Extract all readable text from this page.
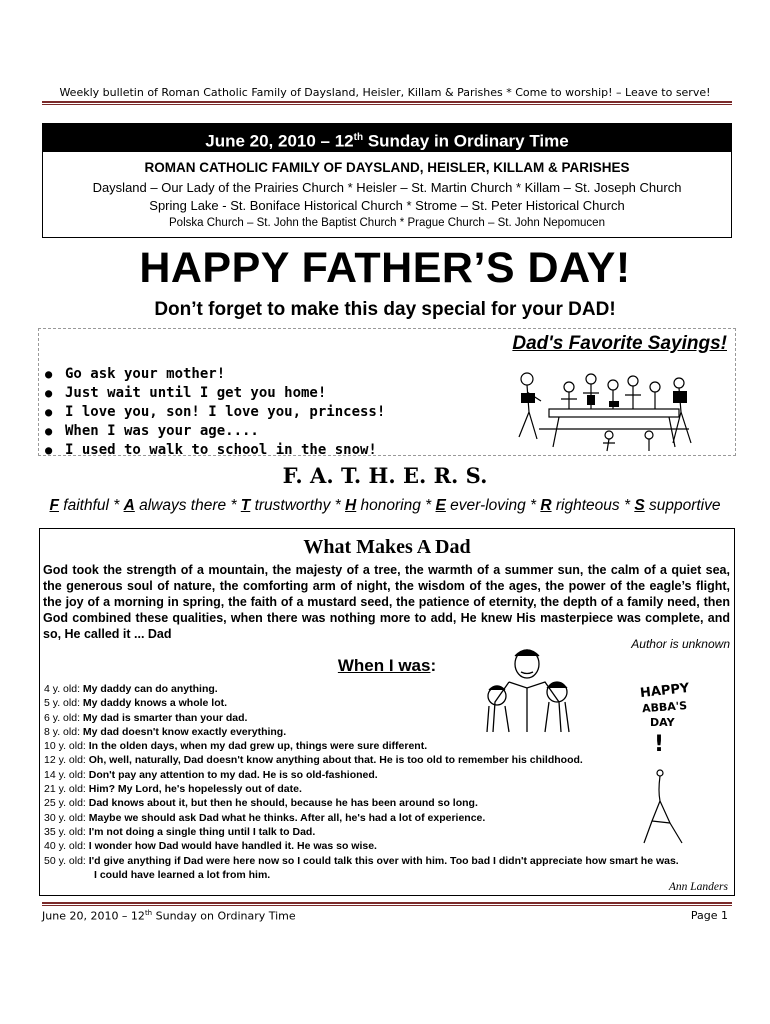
Weekly bulletin of Roman Catholic Family of Daysland, Heisler, Killam & Parishes * Come to worship! – Leave to serve!
June 20, 2010 – 12th Sunday in Ordinary Time
ROMAN CATHOLIC FAMILY OF DAYSLAND, HEISLER, KILLAM & PARISHES
Daysland – Our Lady of the Prairies Church * Heisler – St. Martin Church * Killam – St. Joseph Church
Spring Lake - St. Boniface Historical Church * Strome – St. Peter Historical Church
Polska Church – St. John the Baptist Church * Prague Church – St. John Nepomucen
HAPPY FATHER’S DAY!
Don’t forget to make this day special for your DAD!
Dad's Favorite Sayings!
● Go ask your mother!
● Just wait until I get you home!
● I love you, son! I love you, princess!
● When I was your age....
● I used to walk to school in the snow!
F. A. T. H. E. R. S.
F faithful * A always there * T trustworthy * H honoring * E ever-loving * R righteous * S supportive
What Makes A Dad
God took the strength of a mountain, the majesty of a tree, the warmth of a summer sun, the calm of a quiet sea, the generous soul of nature, the comforting arm of night, the wisdom of the ages, the power of the eagle’s flight, the joy of a morning in spring, the faith of a mustard seed, the patience of eternity, the depth of a family need, then God combined these qualities, when there was nothing more to add, He knew His masterpiece was complete, and so, He called it ... Dad
Author is unknown
When I was:
4 y. old: My daddy can do anything.
5 y. old: My daddy knows a whole lot.
6 y. old: My dad is smarter than your dad.
8 y. old: My dad doesn't know exactly everything.
10 y. old: In the olden days, when my dad grew up, things were sure different.
12 y. old: Oh, well, naturally, Dad doesn't know anything about that. He is too old to remember his childhood.
14 y. old: Don't pay any attention to my dad. He is so old-fashioned.
21 y. old: Him? My Lord, he's hopelessly out of date.
25 y. old: Dad knows about it, but then he should, because he has been around so long.
30 y. old: Maybe we should ask Dad what he thinks. After all, he's had a lot of experience.
35 y. old: I'm not doing a single thing until I talk to Dad.
40 y. old: I wonder how Dad would have handled it. He was so wise.
50 y. old: I'd give anything if Dad were here now so I could talk this over with him. Too bad I didn't appreciate how smart he was.
I could have learned a lot from him.
Ann Landers
HAPPY
ABBA'S
DAY
!
June 20, 2010 – 12th Sunday on Ordinary Time	Page 1
